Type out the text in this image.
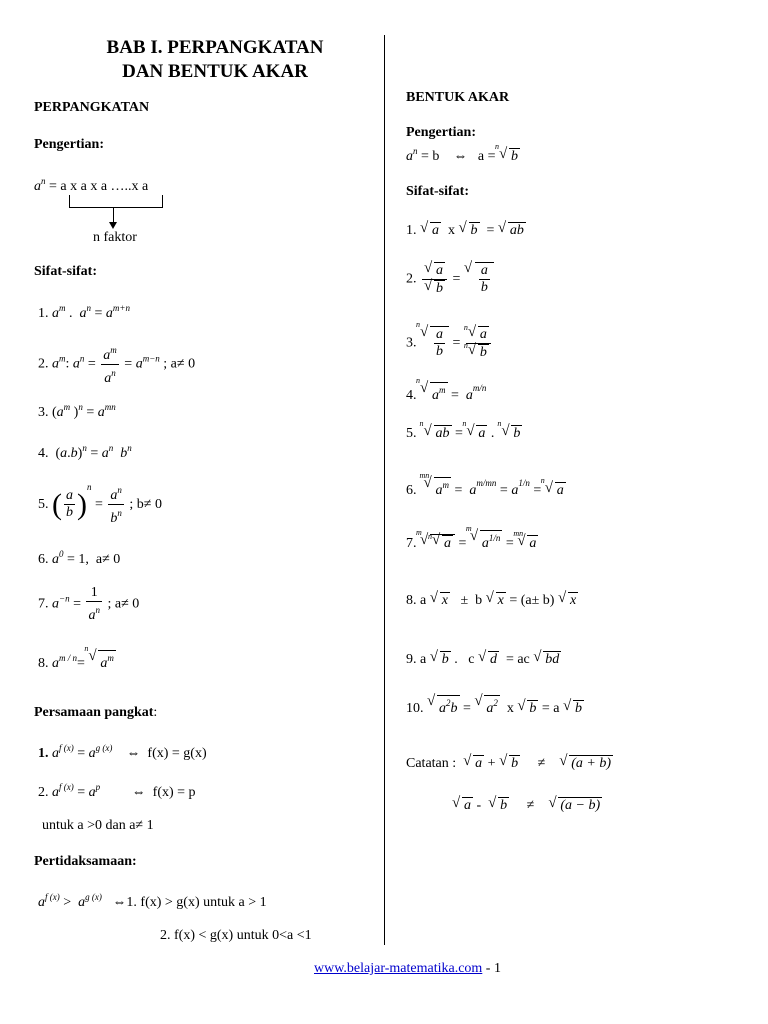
BAB I. PERPANGKATAN
DAN BENTUK AKAR
PERPANGKATAN
Pengertian:
$a^n = a$ x a x a …..x a
n faktor
Sifat-sifat:
1. $a^m$ .  $a^n = a^{m+n}$
2. $a^m$: $a^n = \frac{a^m}{a^n} = a^{m-n}$ ; a≠ 0
3. ($a^m$ )$^n = a^{mn}$
4.  $(a.b)^n = a^n$ $b^n$
5. ( $\frac{a}{b} )^n = \frac{a^n}{b^n}$ ; b≠ 0
6. $a^0 = 1$,  a≠ 0
7. $a^{-n} = \frac{1}{a^n}$ ; a≠ 0
8. $a^{m / n}=$
√ n
$a^m$
Persamaan pangkat:
1. $a^{f (x)} = a^{g (x)}$    ⇔  f(x) = g(x)
2. $a^{f (x)} = a^p$         ⇔  f(x) = p
untuk a >0 dan a≠ 1
Pertidaksamaan:
$a^{f (x)} > a^{g (x)}$ ⇔1. f(x) > g(x) untuk a > 1
2. f(x) < g(x) untuk 0<a <1
BENTUK AKAR
Pengertian:
$a^n = b$    ⇔   a =
√ n
b
Sifat-sifat:
1. √ a  x √ b  = √ ab
2. √ a
√ b = √ $\frac{a}{b}$
3.
√ n
$\frac{a}{b}$ = √ n a
√ n b
4.
√ n
$a^m = a^{m/n}$
5.
√ n
ab =
√ n
a .
√ n
b
6.
√ mn
$a^m = a^{m/mn} = a^{1/n}$ =
√ n
a
7.
√ m √ n a =
√ m
$a^{1/n}$ =
√ mn
a
8. a √ x   ±  b √ x = (a± b) √ x
9. a √ b .   c √ d  = ac √ bd
10. √ $a^2b$ = √ $a^2$  x √ b = a √ b
Catatan : √ a + √ b     ≠    √ (a + b)
√ a -  √ b     ≠    √ (a − b)
www.belajar-matematika.com - 1
